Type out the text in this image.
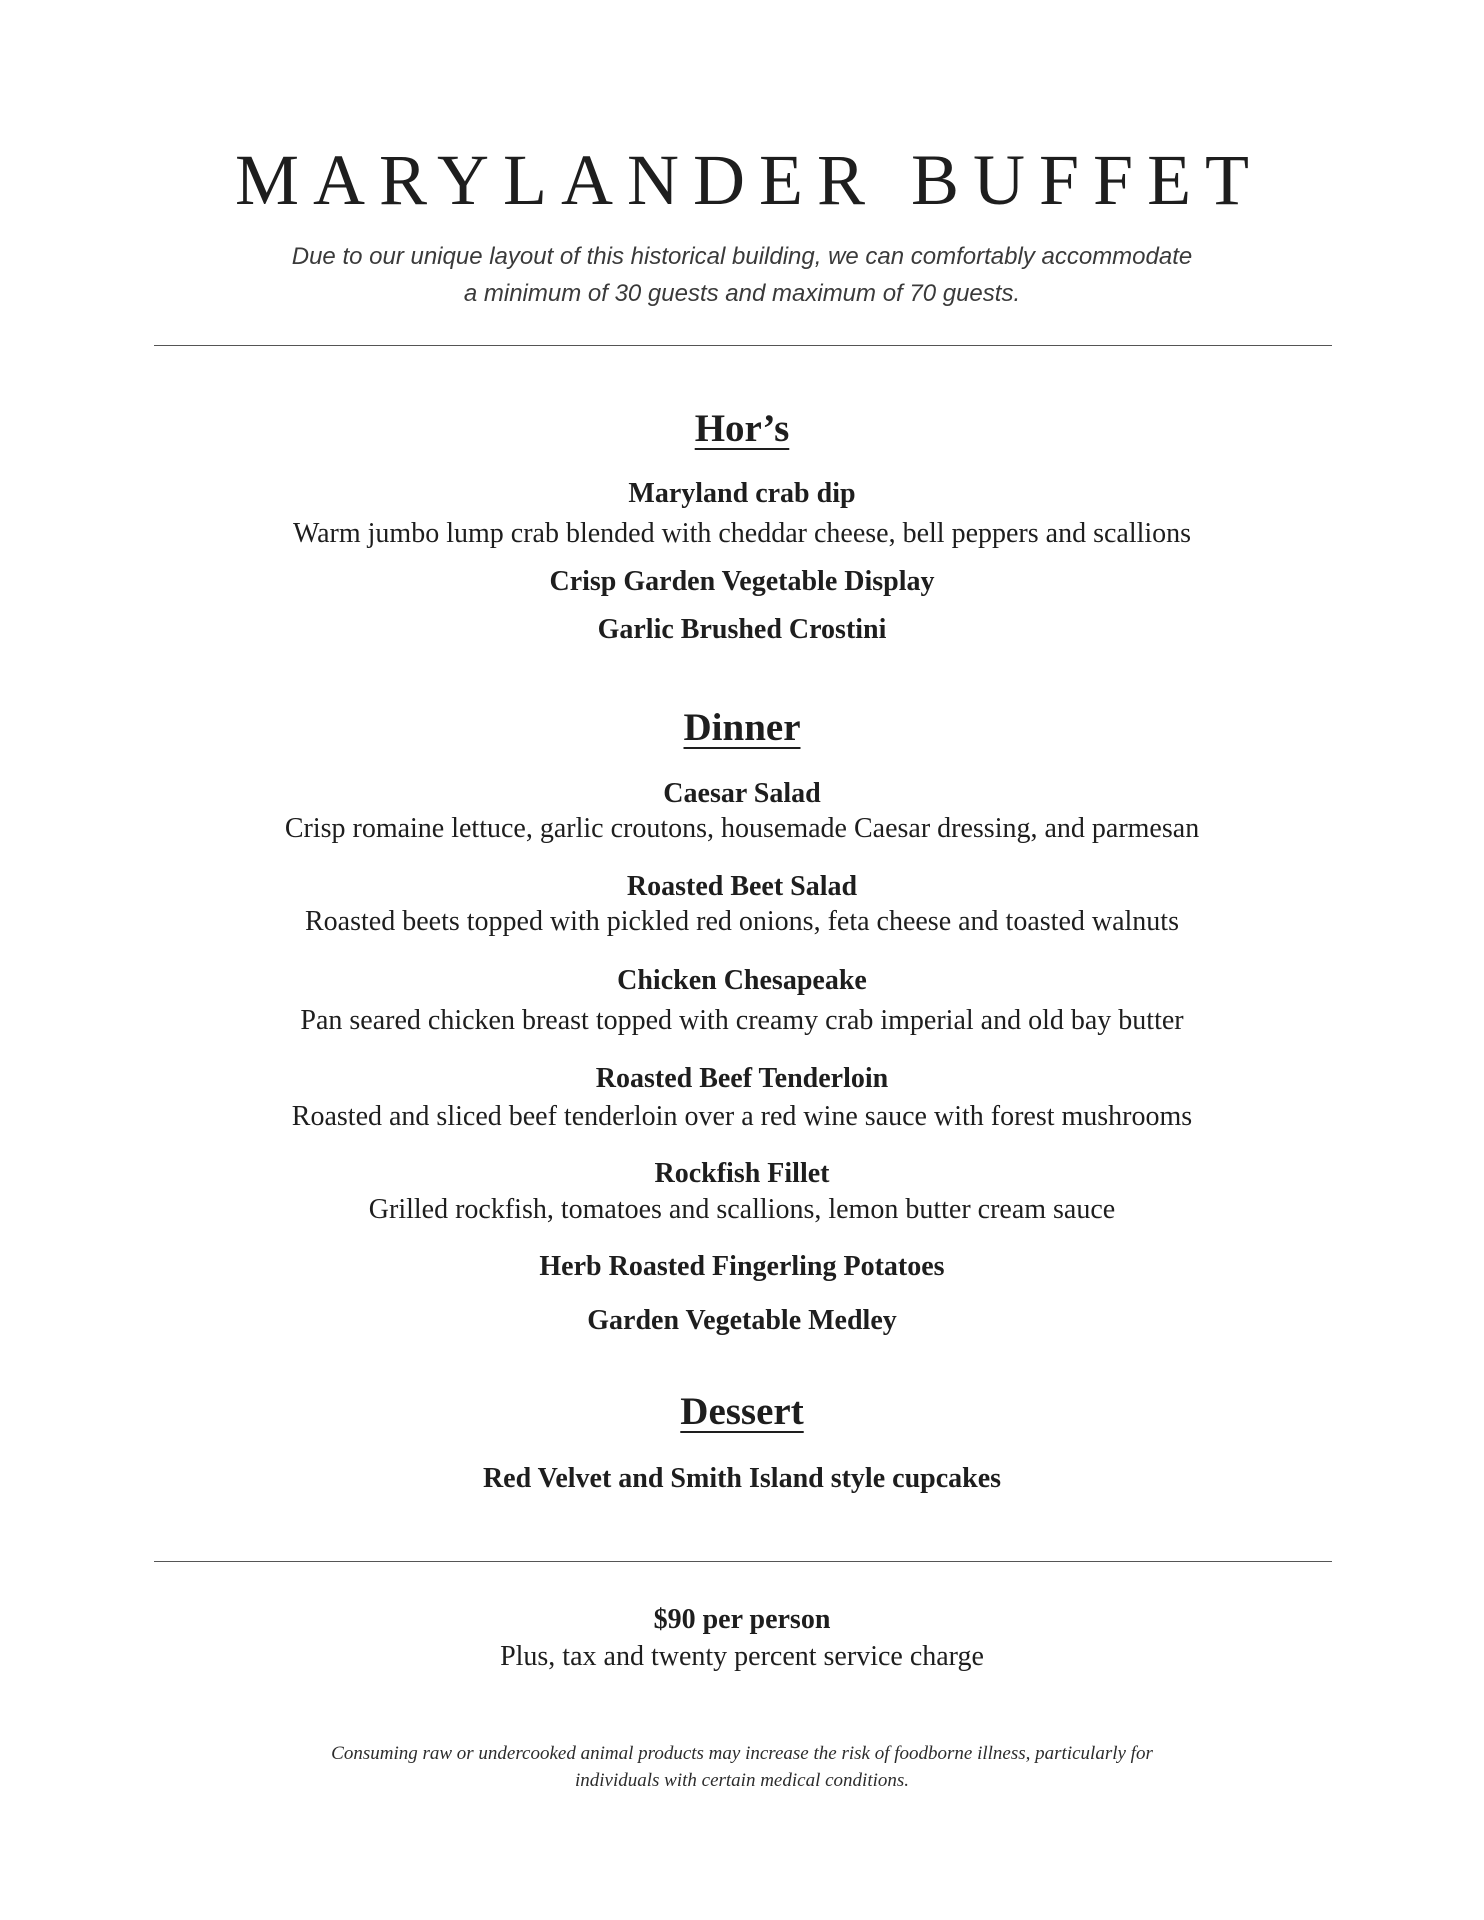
MARYLANDER BUFFET
Due to our unique layout of this historical building, we can comfortably accommodate
a minimum of 30 guests and maximum of 70 guests.
Hor’s
Maryland crab dip
Warm jumbo lump crab blended with cheddar cheese, bell peppers and scallions
Crisp Garden Vegetable Display
Garlic Brushed Crostini
Dinner
Caesar Salad
Crisp romaine lettuce, garlic croutons, housemade Caesar dressing, and parmesan
Roasted Beet Salad
Roasted beets topped with pickled red onions, feta cheese and toasted walnuts
Chicken Chesapeake
Pan seared chicken breast topped with creamy crab imperial and old bay butter
Roasted Beef Tenderloin
Roasted and sliced beef tenderloin over a red wine sauce with forest mushrooms
Rockfish Fillet
Grilled rockfish, tomatoes and scallions, lemon butter cream sauce
Herb Roasted Fingerling Potatoes
Garden Vegetable Medley
Dessert
Red Velvet and Smith Island style cupcakes
$90 per person
Plus, tax and twenty percent service charge
Consuming raw or undercooked animal products may increase the risk of foodborne illness, particularly for
individuals with certain medical conditions.
